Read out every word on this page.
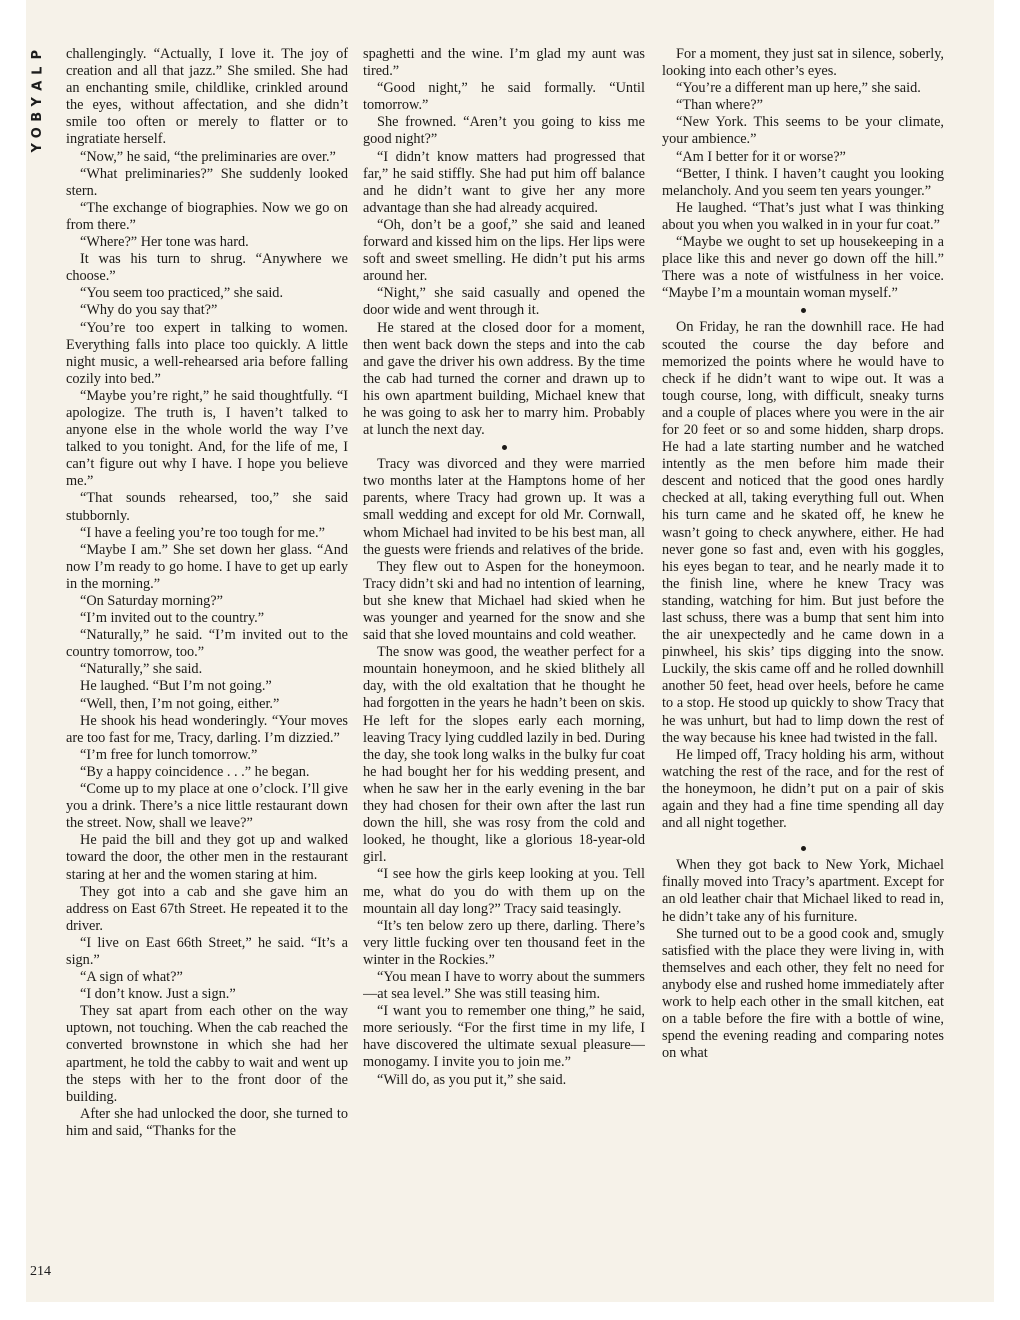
P
L
A
Y
B
O
Y
214

challengingly. “Actually, I love it. The joy of creation and all that jazz.” She smiled. She had an enchanting smile, childlike, crinkled around the eyes, without affectation, and she didn’t smile too often or merely to flatter or to ingratiate herself.

“Now,” he said, “the preliminaries are over.”

“What preliminaries?” She suddenly looked stern.

“The exchange of biographies. Now we go on from there.”

“Where?” Her tone was hard.

It was his turn to shrug. “Anywhere we choose.”

“You seem too practiced,” she said.

“Why do you say that?”

“You’re too expert in talking to women. Everything falls into place too quickly. A little night music, a well-rehearsed aria before falling cozily into bed.”

“Maybe you’re right,” he said thoughtfully. “I apologize. The truth is, I haven’t talked to anyone else in the whole world the way I’ve talked to you tonight. And, for the life of me, I can’t figure out why I have. I hope you believe me.”

“That sounds rehearsed, too,” she said stubbornly.

“I have a feeling you’re too tough for me.”

“Maybe I am.” She set down her glass. “And now I’m ready to go home. I have to get up early in the morning.”

“On Saturday morning?”

“I’m invited out to the country.”

“Naturally,” he said. “I’m invited out to the country tomorrow, too.”

“Naturally,” she said.

He laughed. “But I’m not going.”

“Well, then, I’m not going, either.”

He shook his head wonderingly. “Your moves are too fast for me, Tracy, darling. I’m dizzied.”

“I’m free for lunch tomorrow.”

“By a happy coincidence . . .” he began.

“Come up to my place at one o’clock. I’ll give you a drink. There’s a nice little restaurant down the street. Now, shall we leave?”

He paid the bill and they got up and walked toward the door, the other men in the restaurant staring at her and the women staring at him.

They got into a cab and she gave him an address on East 67th Street. He repeated it to the driver.

“I live on East 66th Street,” he said. “It’s a sign.”

“A sign of what?”

“I don’t know. Just a sign.”

They sat apart from each other on the way uptown, not touching. When the cab reached the converted brownstone in which she had her apartment, he told the cabby to wait and went up the steps with her to the front door of the building.

After she had unlocked the door, she turned to him and said, “Thanks for the

spaghetti and the wine. I’m glad my aunt was tired.”

“Good night,” he said formally. “Until tomorrow.”

She frowned. “Aren’t you going to kiss me good night?”

“I didn’t know matters had progressed that far,” he said stiffly. She had put him off balance and he didn’t want to give her any more advantage than she had already acquired.

“Oh, don’t be a goof,” she said and leaned forward and kissed him on the lips. Her lips were soft and sweet smelling. He didn’t put his arms around her.

“Night,” she said casually and opened the door wide and went through it.

He stared at the closed door for a moment, then went back down the steps and into the cab and gave the driver his own address. By the time the cab had turned the corner and drawn up to his own apartment building, Michael knew that he was going to ask her to marry him. Probably at lunch the next day.

Tracy was divorced and they were married two months later at the Hamptons home of her parents, where Tracy had grown up. It was a small wedding and except for old Mr. Cornwall, whom Michael had invited to be his best man, all the guests were friends and relatives of the bride.

They flew out to Aspen for the honeymoon. Tracy didn’t ski and had no intention of learning, but she knew that Michael had skied when he was younger and yearned for the snow and she said that she loved mountains and cold weather.

The snow was good, the weather perfect for a mountain honeymoon, and he skied blithely all day, with the old exaltation that he thought he had forgotten in the years he hadn’t been on skis. He left for the slopes early each morning, leaving Tracy lying cuddled lazily in bed. During the day, she took long walks in the bulky fur coat he had bought her for his wedding present, and when he saw her in the early evening in the bar they had chosen for their own after the last run down the hill, she was rosy from the cold and looked, he thought, like a glorious 18-year-old girl.

“I see how the girls keep looking at you. Tell me, what do you do with them up on the mountain all day long?” Tracy said teasingly.

“It’s ten below zero up there, darling. There’s very little fucking over ten thousand feet in the winter in the Rockies.”

“You mean I have to worry about the summers—at sea level.” She was still teasing him.

“I want you to remember one thing,” he said, more seriously. “For the first time in my life, I have discovered the ultimate sexual pleasure—monogamy. I invite you to join me.”

“Will do, as you put it,” she said.

For a moment, they just sat in silence, soberly, looking into each other’s eyes.

“You’re a different man up here,” she said.

“Than where?”

“New York. This seems to be your climate, your ambience.”

“Am I better for it or worse?”

“Better, I think. I haven’t caught you looking melancholy. And you seem ten years younger.”

He laughed. “That’s just what I was thinking about you when you walked in in your fur coat.”

“Maybe we ought to set up housekeeping in a place like this and never go down off the hill.” There was a note of wistfulness in her voice. “Maybe I’m a mountain woman myself.”

On Friday, he ran the downhill race. He had scouted the course the day before and memorized the points where he would have to check if he didn’t want to wipe out. It was a tough course, long, with difficult, sneaky turns and a couple of places where you were in the air for 20 feet or so and some hidden, sharp drops. He had a late starting number and he watched intently as the men before him made their descent and noticed that the good ones hardly checked at all, taking everything full out. When his turn came and he skated off, he knew he wasn’t going to check anywhere, either. He had never gone so fast and, even with his goggles, his eyes began to tear, and he nearly made it to the finish line, where he knew Tracy was standing, watching for him. But just before the last schuss, there was a bump that sent him into the air unexpectedly and he came down in a pinwheel, his skis’ tips digging into the snow. Luckily, the skis came off and he rolled downhill another 50 feet, head over heels, before he came to a stop. He stood up quickly to show Tracy that he was unhurt, but had to limp down the rest of the way because his knee had twisted in the fall.

He limped off, Tracy holding his arm, without watching the rest of the race, and for the rest of the honeymoon, he didn’t put on a pair of skis again and they had a fine time spending all day and all night together.

When they got back to New York, Michael finally moved into Tracy’s apartment. Except for an old leather chair that Michael liked to read in, he didn’t take any of his furniture.

She turned out to be a good cook and, smugly satisfied with the place they were living in, with themselves and each other, they felt no need for anybody else and rushed home immediately after work to help each other in the small kitchen, eat on a table before the fire with a bottle of wine, spend the evening reading and comparing notes on what
